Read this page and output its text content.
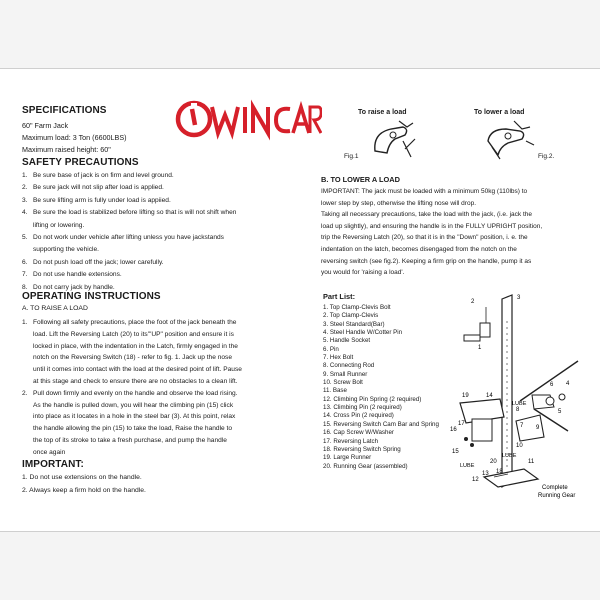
SPECIFICATIONS
60" Farm Jack
Maximum load: 3 Ton (6600LBS)
Maximum raised height: 60"
SAFETY PRECAUTIONS
1. Be sure base of jack is on firm and level ground.
2. Be sure jack will not slip after load is applied.
3. Be sure lifting arm is fully under load is appiied.
4. Be sure the load is stabilized before lifting so that is will not shift when
lifting or lowering.
5. Do not work under vehicle after lifting unless you have jackstands
supporting the vehicle.
6. Do not push load off the jack; lower carefully.
7. Do not use handle extensions.
8. Do not carry jack by handle.
OPERATING INSTRUCTIONS
A. TO RAISE A LOAD
1. Following all safety precautions, place the foot of the jack beneath the
load. Lift the Reversing Latch (20) to its'"UP" position and ensure it is
locked in place, with the indentation in the Latch, firmly engaged in the
notch on the Reversing Switch (18) - refer to fig. 1. Jack up the nose
until it comes into contact with the load at the desired point of lift. Pause
at this stage and check to ensure there are no obstacles to a clean lift.
2. Pull down firmly and evenly on the handle and observe the load rising.
As the handle is pulled down, you will hear the climbing pin (15) click
into place as it locates in a hole in the steel bar (3). At this point, relax
the handle allowing the pin (15) to take the load, Raise the handle to
the top of its stroke to take a fresh purchase, and pump the handle
once again
IMPORTANT:
1. Do not use extensions on the handle.
2. Always keep a firm hold on the handle.
To raise a load	To lower a load
Fig.1	Fig.2.
B. TO LOWER A LOAD
IMPORTANT: The jack must be loaded with a minimum 50kg (110lbs) to
lower step by step, otherwise the lifting nose will drop.
Taking all necessary precautions, take the load with the jack, (i.e. jack the
load up slightly), and ensuring the handle is in the FULLY UPRIGHT position,
trip the Reversing Latch (20), so that it is in the "Down" position, i. e. the
indentation on the latch, becomes disengaged from the notch on the
reversing switch (see fig.2). Keeping a firm grip on the handle, pump it as
you would for 'raising a load'.
Part List:
1. Top Clamp-Clevis Bolt
2. Top Clamp-Clevis
3. Steel Standard(Bar)
4. Steel Handle W/Cotter Pin
5. Handle Socket
6. Pin
7. Hex Bolt
8. Connecting Rod
9. Small Runner
10. Screw Bolt
11. Base
12. Climbing Pin Spring (2 required)
13. Climbing Pin (2 required)
14. Cross Pin (2 required)
15. Reversing Switch Cam Bar and Spring
16. Cap Screw W/Washer
17. Reversing Latch
18. Reversing Switch Spring
19. Large Runner
20. Running Gear (assembled)
2
3
1
LUBE
6 4
5
19	14
8
7 9
16
17
15
LUBE
LUBE
10
12
13 18
20	11
Complete
Running Gear
